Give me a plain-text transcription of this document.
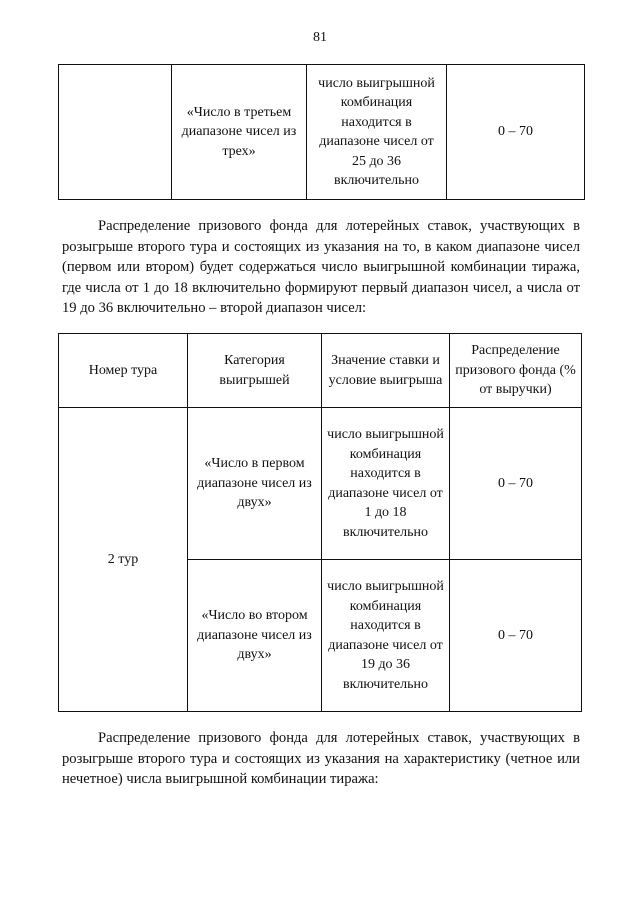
81
	«Число в третьем диапазоне чисел из трех»	число выигрышной комбинация находится в диапазоне чисел от 25 до 36 включительно	0 – 70

Распределение призового фонда для лотерейных ставок, участвующих в розыгрыше второго тура и состоящих из указания на то, в каком диапазоне чисел (первом или втором) будет содержаться число выигрышной комбинации тиража, где числа от 1 до 18 включительно формируют первый диапазон чисел, а числа от 19 до 36 включительно – второй диапазон чисел:

Номер тура	Категория выигрышей	Значение ставки и условие выигрыша	Распределение призового фонда (% от выручки)
2 тур	«Число в первом диапазоне чисел из двух»	число выигрышной комбинация находится в диапазоне чисел от 1 до 18 включительно	0 – 70
	«Число во втором диапазоне чисел из двух»	число выигрышной комбинация находится в диапазоне чисел от 19 до 36 включительно	0 – 70

Распределение призового фонда для лотерейных ставок, участвующих в розыгрыше второго тура и состоящих из указания на характеристику (четное или нечетное) числа выигрышной комбинации тиража:
